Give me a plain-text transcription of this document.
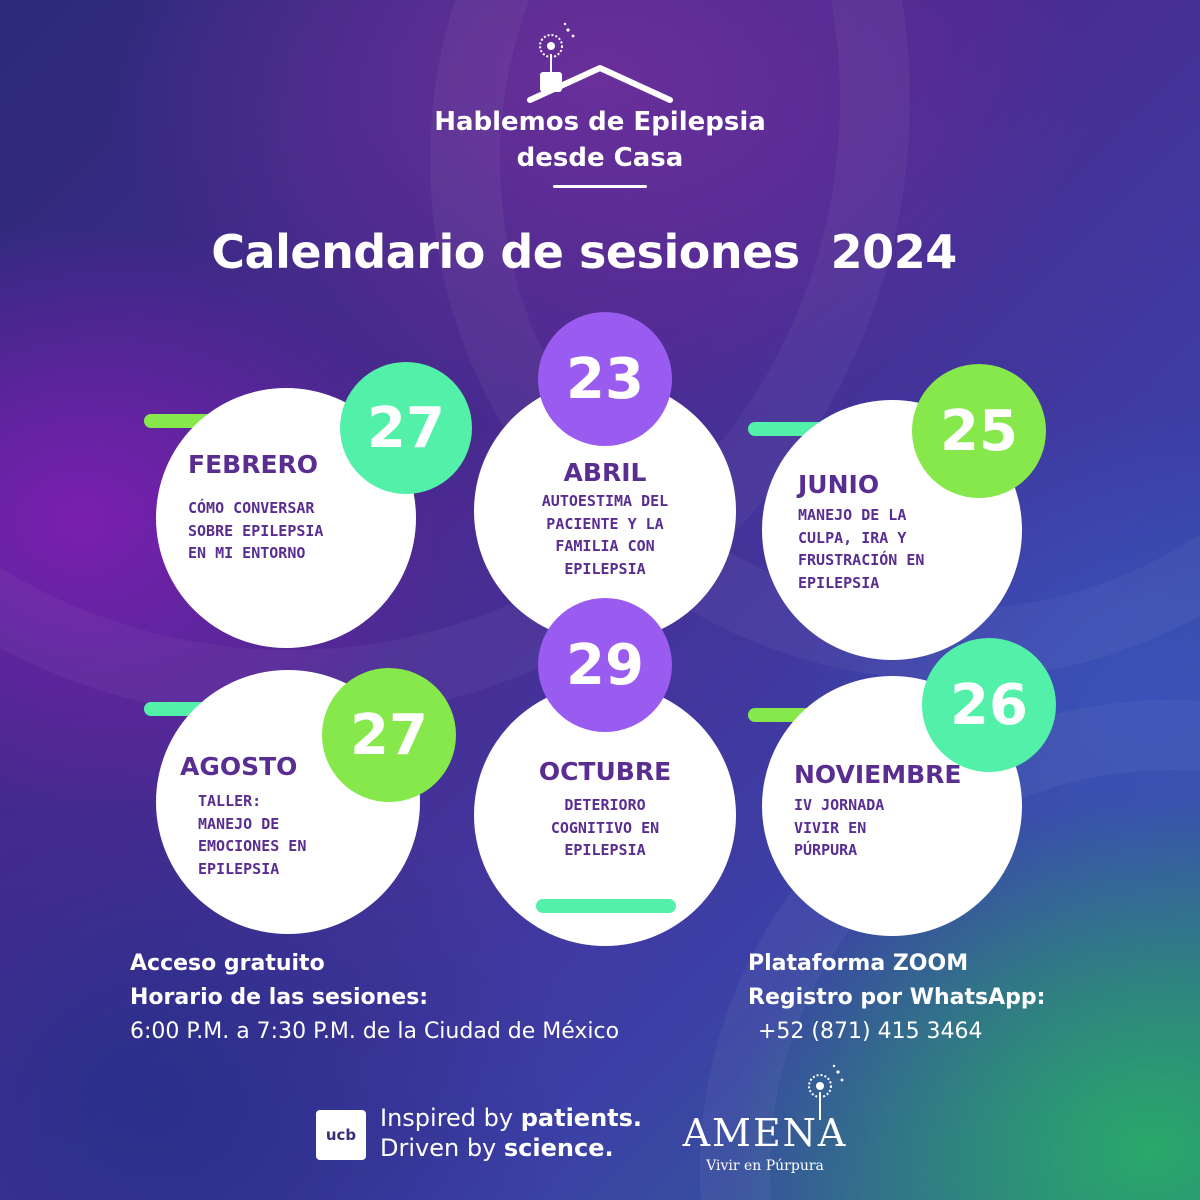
Hablemos de Epilepsia
desde Casa
Calendario de sesiones  2024
27
FEBRERO
CÓMO CONVERSAR
SOBRE EPILEPSIA
EN MI ENTORNO
23
ABRIL
AUTOESTIMA DEL
PACIENTE Y LA
FAMILIA CON
EPILEPSIA
25
JUNIO
MANEJO DE LA
CULPA, IRA Y
FRUSTRACIÓN EN
EPILEPSIA
27
AGOSTO
TALLER:
MANEJO DE
EMOCIONES EN
EPILEPSIA
29
OCTUBRE
DETERIORO
COGNITIVO EN
EPILEPSIA
26
NOVIEMBRE
IV JORNADA
VIVIR EN
PÚRPURA
Acceso gratuito
Horario de las sesiones:
6:00 P.M. a 7:30 P.M. de la Ciudad de México
Plataforma ZOOM
Registro por WhatsApp:
+52 (871) 415 3464
ucb
Inspired by patients.
Driven by science.	AMENA
Vivir en Púrpura
